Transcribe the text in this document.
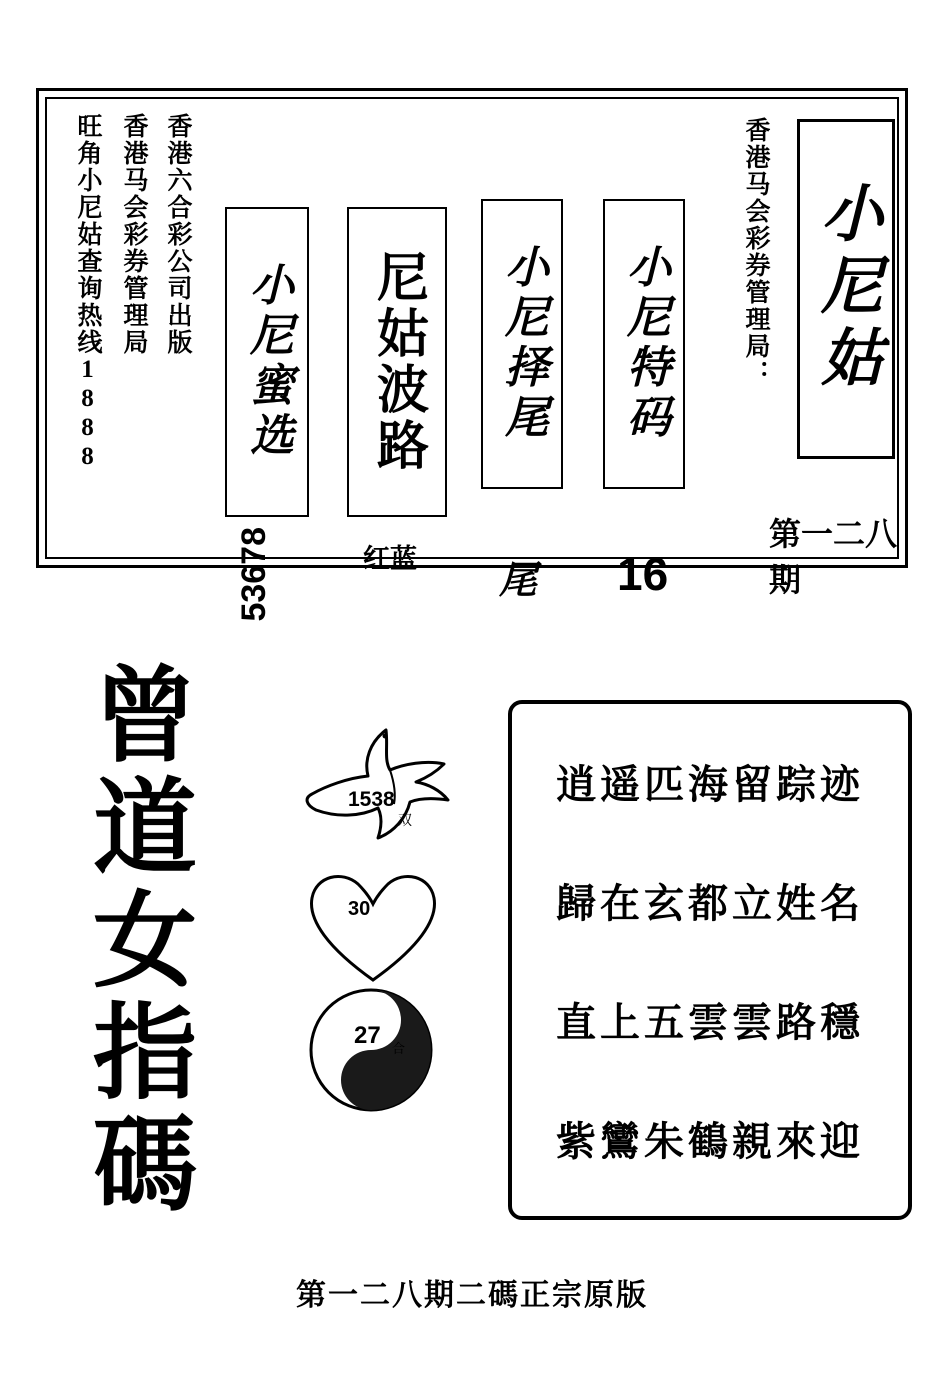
旺角小尼姑查询热线1888 香港马会彩券管理局 香港六合彩公司出版
小尼蜜选
53678
尼姑波路
红蓝
小尼择尾
尾
小尼特码
16
香港马会彩券管理局： 小尼姑
第一二八期
曾
道
女
指
碼
1538
双
30
27 合
逍遥匹海留踪迹
歸在玄都立姓名
直上五雲雲路穩
紫鸞朱鶴親來迎
第一二八期二碼正宗原版
